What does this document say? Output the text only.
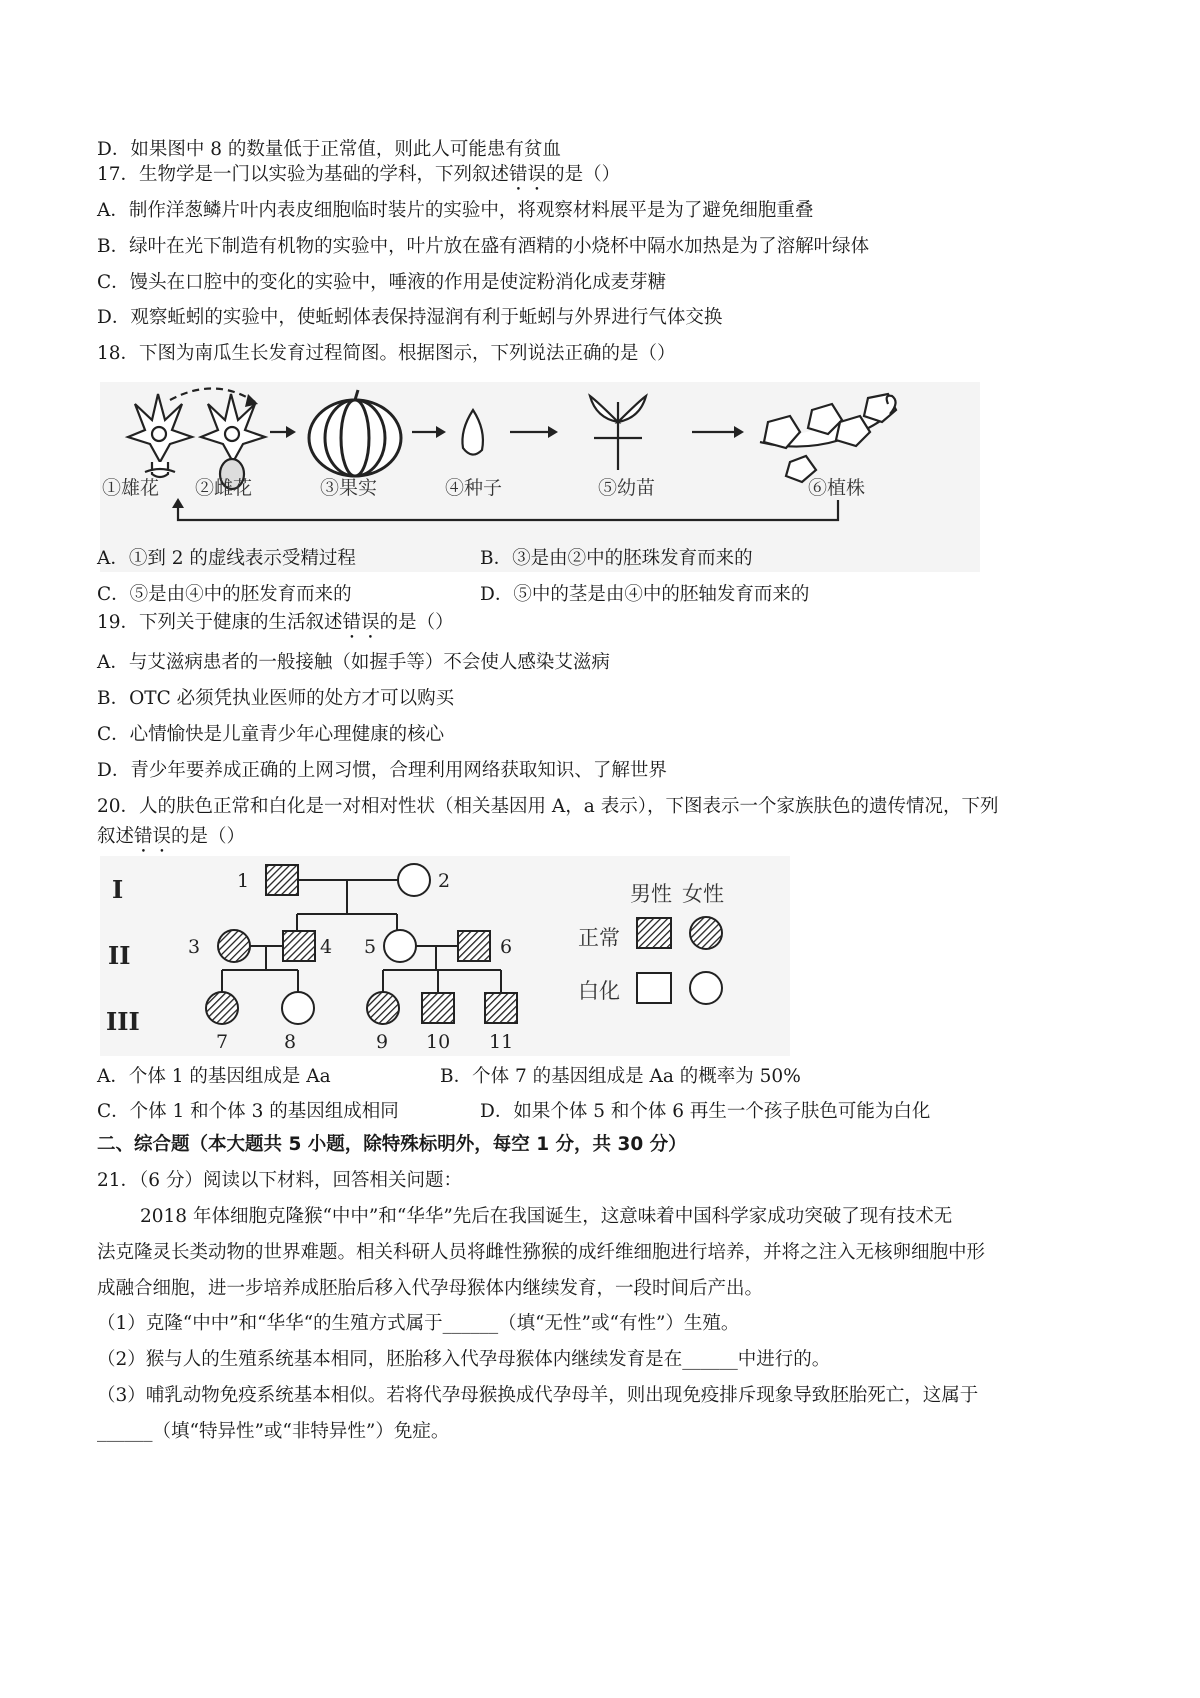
D．如果图中 8 的数量低于正常值，则此人可能患有贫血
17．生物学是一门以实验为基础的学科，下列叙述错误的是（）
A．制作洋葱鳞片叶内表皮细胞临时装片的实验中，将观察材料展平是为了避免细胞重叠
B．绿叶在光下制造有机物的实验中，叶片放在盛有酒精的小烧杯中隔水加热是为了溶解叶绿体
C．馒头在口腔中的变化的实验中，唾液的作用是使淀粉消化成麦芽糖
D．观察蚯蚓的实验中，使蚯蚓体表保持湿润有利于蚯蚓与外界进行气体交换
18．下图为南瓜生长发育过程简图。根据图示，下列说法正确的是（）
①雄花 ②雌花	③果实	④种子	⑤幼苗	⑥植株
A．①到 2 的虚线表示受精过程	B．③是由②中的胚珠发育而来的
C．⑤是由④中的胚发育而来的	D．⑤中的茎是由④中的胚轴发育而来的
19．下列关于健康的生活叙述错误的是（）
A．与艾滋病患者的一般接触（如握手等）不会使人感染艾滋病
B．OTC 必须凭执业医师的处方才可以购买
C．心情愉快是儿童青少年心理健康的核心
D．青少年要养成正确的上网习惯，合理利用网络获取知识、了解世界
20．人的肤色正常和白化是一对相对性状（相关基因用 A，a 表示），下图表示一个家族肤色的遗传情况，下列
叙述错误的是（）
I
II
III
1	2
3	4 5	6
7	8	9 10 11
男性 女性
正常
白化
A．个体 1 的基因组成是 Aa	B．个体 7 的基因组成是 Aa 的概率为 50%
C．个体 1 和个体 3 的基因组成相同	D．如果个体 5 和个体 6 再生一个孩子肤色可能为白化
二、综合题（本大题共 5 小题，除特殊标明外，每空 1 分，共 30 分）
21．（6 分）阅读以下材料，回答相关问题：
2018 年体细胞克隆猴“中中”和“华华”先后在我国诞生，这意味着中国科学家成功突破了现有技术无
法克隆灵长类动物的世界难题。相关科研人员将雌性猕猴的成纤维细胞进行培养，并将之注入无核卵细胞中形
成融合细胞，进一步培养成胚胎后移入代孕母猴体内继续发育，一段时间后产出。
（1）克隆“中中”和“华华“的生殖方式属于______（填“无性”或“有性”）生殖。
（2）猴与人的生殖系统基本相同，胚胎移入代孕母猴体内继续发育是在______中进行的。
（3）哺乳动物免疫系统基本相似。若将代孕母猴换成代孕母羊，则出现免疫排斥现象导致胚胎死亡，这属于
______（填“特异性”或“非特异性”）免症。
